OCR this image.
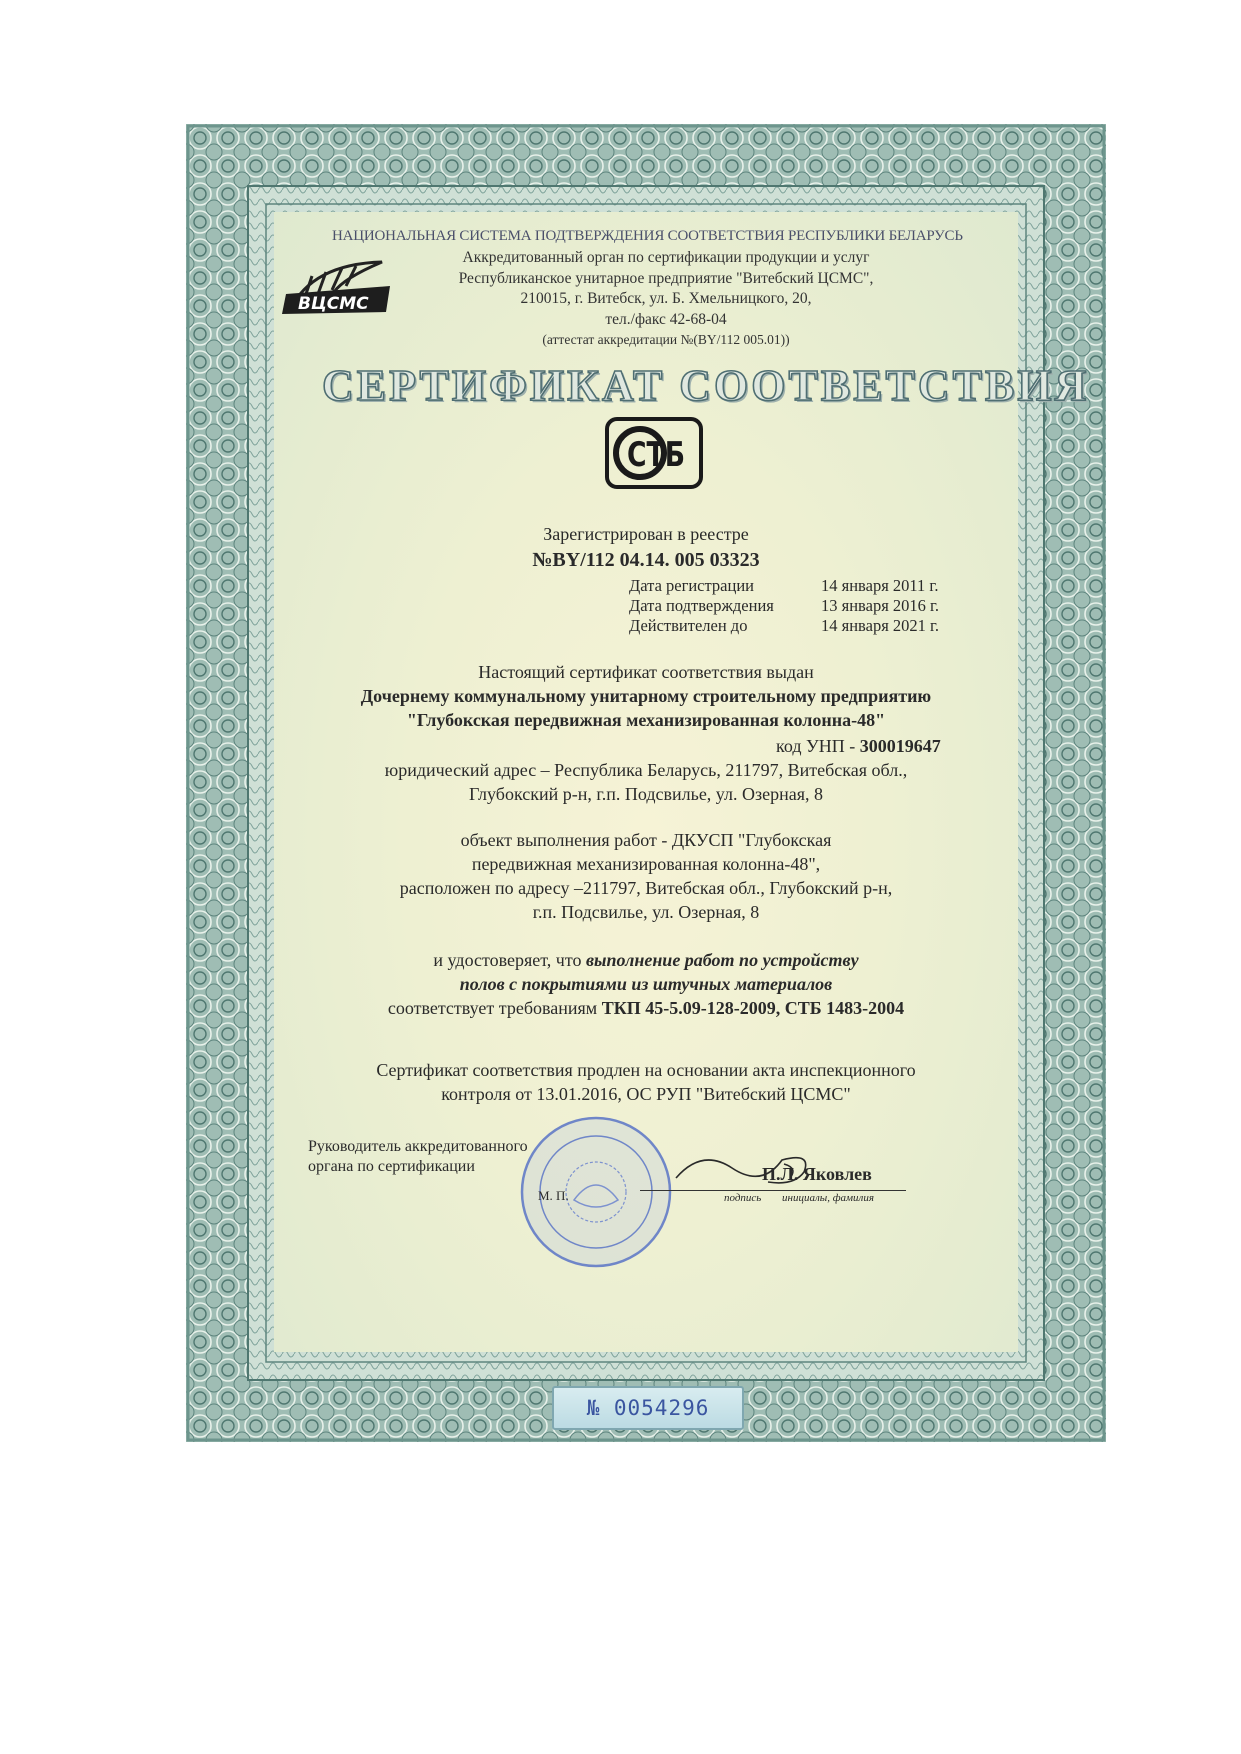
ВЦСМС
НАЦИОНАЛЬНАЯ СИСТЕМА ПОДТВЕРЖДЕНИЯ СООТВЕТСТВИЯ РЕСПУБЛИКИ БЕЛАРУСЬ
Аккредитованный орган по сертификации продукции и услуг
Республиканское унитарное предприятие "Витебский ЦСМС",
210015, г. Витебск, ул. Б. Хмельницкого, 20,
тел./факс 42-68-04
(аттестат аккредитации №(BY/112 005.01))
СЕРТИФИКАТ СООТВЕТСТВИЯ
СТБ
Зарегистрирован в реестре
№BY/112 04.14. 005 03323
Дата регистрации	14 января 2011 г.
Дата подтверждения	13 января 2016 г.
Действителен до	14 января 2021 г.
Настоящий сертификат соответствия выдан
Дочернему коммунальному унитарному строительному предприятию
"Глубокская передвижная механизированная колонна-48"
код УНП - 300019647
юридический адрес – Республика Беларусь, 211797, Витебская обл.,
Глубокский р-н, г.п. Подсвилье, ул. Озерная, 8
объект выполнения работ - ДКУСП "Глубокская
передвижная механизированная колонна-48",
расположен по адресу –211797, Витебская обл., Глубокский р-н,
г.п. Подсвилье, ул. Озерная, 8
и удостоверяет, что выполнение работ по устройству
полов с покрытиями из штучных материалов
соответствует требованиям ТКП 45-5.09-128-2009, СТБ 1483-2004
Сертификат соответствия продлен на основании акта инспекционного
контроля от 13.01.2016, ОС РУП "Витебский ЦСМС"
Руководитель аккредитованного
органа по сертификации
М. П.	подпись
П.Л. Яковлев
инициалы, фамилия
№ 0054296
